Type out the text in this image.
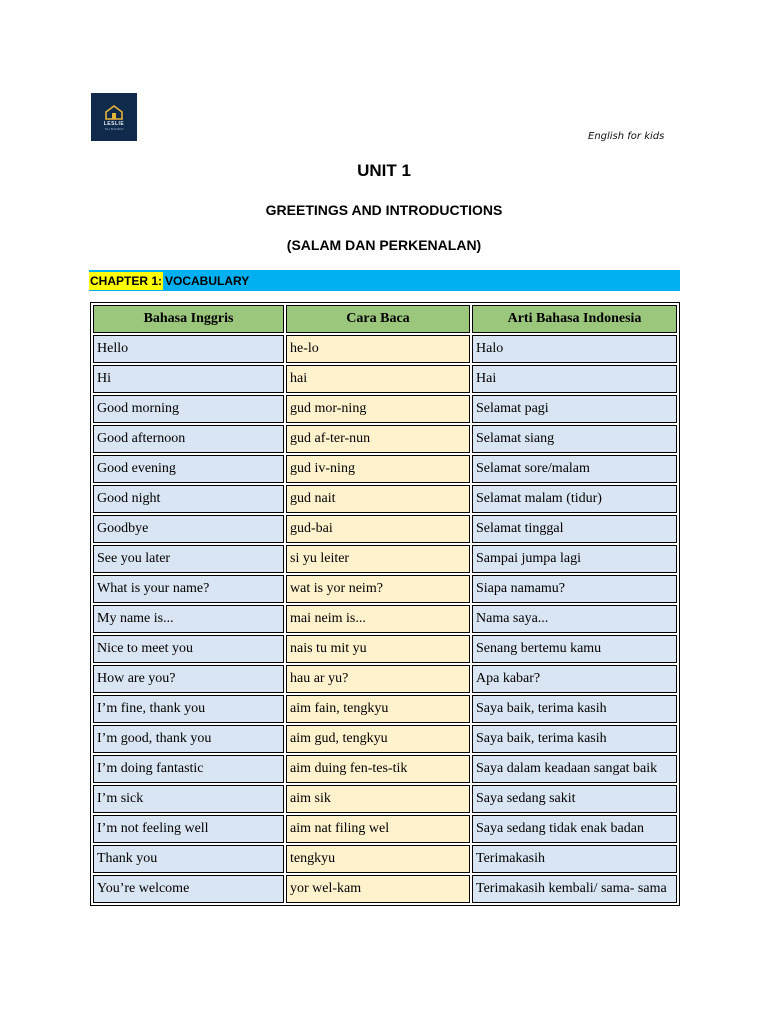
LESLIE
TALL BUSINESS
English for kids
UNIT 1
GREETINGS AND INTRODUCTIONS
(SALAM DAN PERKENALAN)
CHAPTER 1: VOCABULARY
Bahasa Inggris	Cara Baca	Arti Bahasa Indonesia
Hello	he-lo	Halo
Hi	hai	Hai
Good morning	gud mor-ning	Selamat pagi
Good afternoon	gud af-ter-nun	Selamat siang
Good evening	gud iv-ning	Selamat sore/malam
Good night	gud nait	Selamat malam (tidur)
Goodbye	gud-bai	Selamat tinggal
See you later	si yu leiter	Sampai jumpa lagi
What is your name?	wat is yor neim?	Siapa namamu?
My name is...	mai neim is...	Nama saya...
Nice to meet you	nais tu mit yu	Senang bertemu kamu
How are you?	hau ar yu?	Apa kabar?
I’m fine, thank you	aim fain, tengkyu	Saya baik, terima kasih
I’m good, thank you	aim gud, tengkyu	Saya baik, terima kasih
I’m doing fantastic	aim duing fen-tes-tik	Saya dalam keadaan sangat baik
I’m sick	aim sik	Saya sedang sakit
I’m not feeling well	aim nat filing wel	Saya sedang tidak enak badan
Thank you	tengkyu	Terimakasih
You’re welcome	yor wel-kam	Terimakasih kembali/ sama- sama
